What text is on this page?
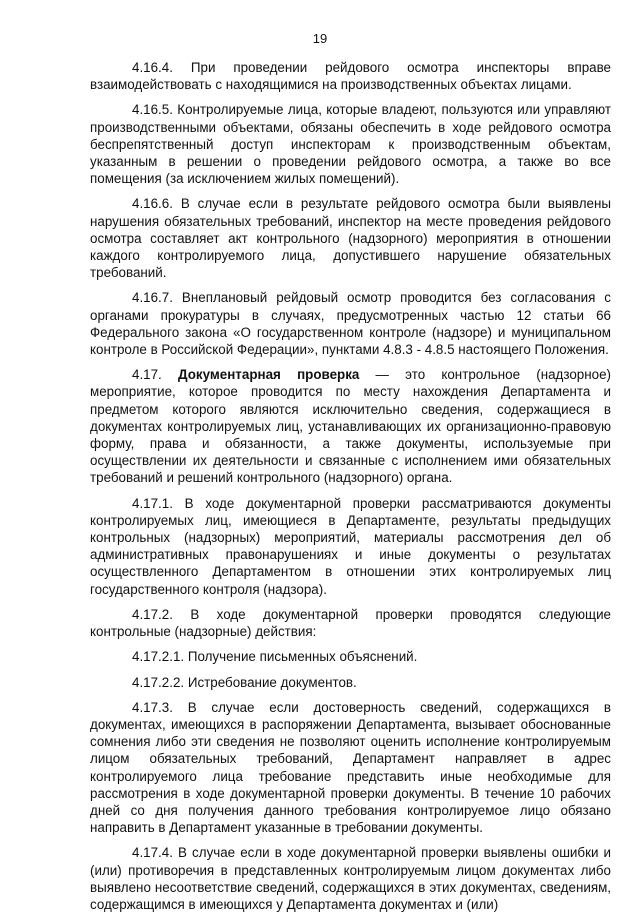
19

4.16.4. При проведении рейдового осмотра инспекторы вправе взаимодействовать с находящимися на производственных объектах лицами.

4.16.5. Контролируемые лица, которые владеют, пользуются или управляют производственными объектами, обязаны обеспечить в ходе рейдового осмотра беспрепятственный доступ инспекторам к производственным объектам, указанным в решении о проведении рейдового осмотра, а также во все помещения (за исключением жилых помещений).

4.16.6. В случае если в результате рейдового осмотра были выявлены нарушения обязательных требований, инспектор на месте проведения рейдового осмотра составляет акт контрольного (надзорного) мероприятия в отношении каждого контролируемого лица, допустившего нарушение обязательных требований.

4.16.7. Внеплановый рейдовый осмотр проводится без согласования с органами прокуратуры в случаях, предусмотренных частью 12 статьи 66 Федерального закона «О государственном контроле (надзоре) и муниципальном контроле в Российской Федерации», пунктами 4.8.3 - 4.8.5 настоящего Положения.

4.17. Документарная проверка — это контрольное (надзорное) мероприятие, которое проводится по месту нахождения Департамента и предметом которого являются исключительно сведения, содержащиеся в документах контролируемых лиц, устанавливающих их организационно-правовую форму, права и обязанности, а также документы, используемые при осуществлении их деятельности и связанные с исполнением ими обязательных требований и решений контрольного (надзорного) органа.

4.17.1. В ходе документарной проверки рассматриваются документы контролируемых лиц, имеющиеся в Департаменте, результаты предыдущих контрольных (надзорных) мероприятий, материалы рассмотрения дел об административных правонарушениях и иные документы о результатах осуществленного Департаментом в отношении этих контролируемых лиц государственного контроля (надзора).

4.17.2. В ходе документарной проверки проводятся следующие контрольные (надзорные) действия:

4.17.2.1. Получение письменных объяснений.

4.17.2.2. Истребование документов.

4.17.3. В случае если достоверность сведений, содержащихся в документах, имеющихся в распоряжении Департамента, вызывает обоснованные сомнения либо эти сведения не позволяют оценить исполнение контролируемым лицом обязательных требований, Департамент направляет в адрес контролируемого лица требование представить иные необходимые для рассмотрения в ходе документарной проверки документы. В течение 10 рабочих дней со дня получения данного требования контролируемое лицо обязано направить в Департамент указанные в требовании документы.

4.17.4. В случае если в ходе документарной проверки выявлены ошибки и (или) противоречия в представленных контролируемым лицом документах либо выявлено несоответствие сведений, содержащихся в этих документах, сведениям, содержащимся в имеющихся у Департамента документах и (или)
